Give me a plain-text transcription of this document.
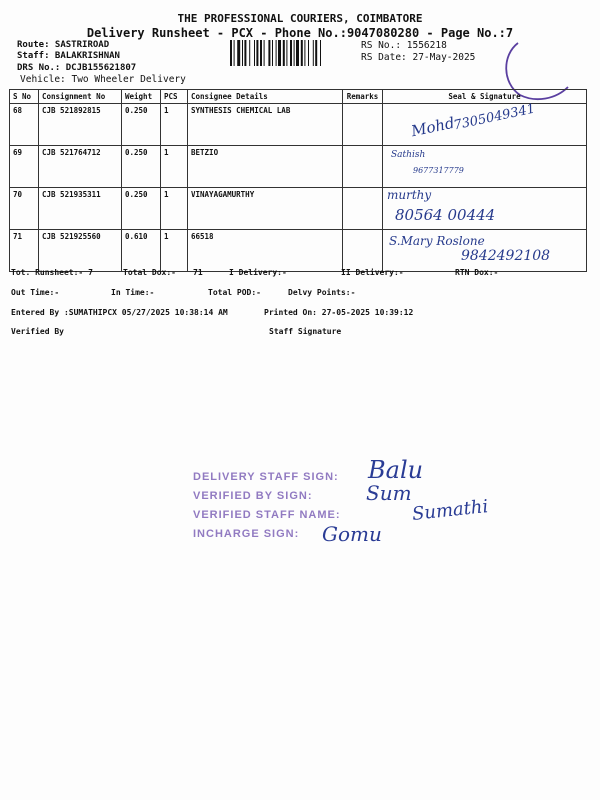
THE PROFESSIONAL COURIERS, COIMBATORE
Delivery Runsheet - PCX - Phone No.:9047080280 - Page No.:7
Route: SASTRIROAD
Staff: BALAKRISHNAN
DRS No.: DCJB155621807
Vehicle: Two Wheeler Delivery
RS No.: 1556218
RS Date: 27-May-2025
S No	Consignment No	Weight	PCS	Consignee Details	Remarks	Seal & Signature
68	CJB 521892815	0.250	1	SYNTHESIS CHEMICAL LAB		Mohd
7305049341

69	CJB 521764712	0.250	1	BETZIO		Sathish
9677317779

70	CJB 521935311	0.250	1	VINAYAGAMURTHY		murthy
80564 00444

71	CJB 521925560	0.610	1	66518		S.Mary Roslone
9842492108
Tot. Runsheet:- 7	Total Dox:- 71	I Delivery:-	II Delivery:-	RTN Dox:-
Out Time:-	In Time:-	Total POD:-	Delvy Points:-
Entered By :SUMATHIPCX 05/27/2025 10:38:14 AM	Printed On: 27-05-2025 10:39:12
Verified By	Staff Signature
DELIVERY STAFF SIGN:
VERIFIED BY SIGN:
VERIFIED STAFF NAME:
INCHARGE SIGN:
Balu
Sum
Sumathi
Gomu
